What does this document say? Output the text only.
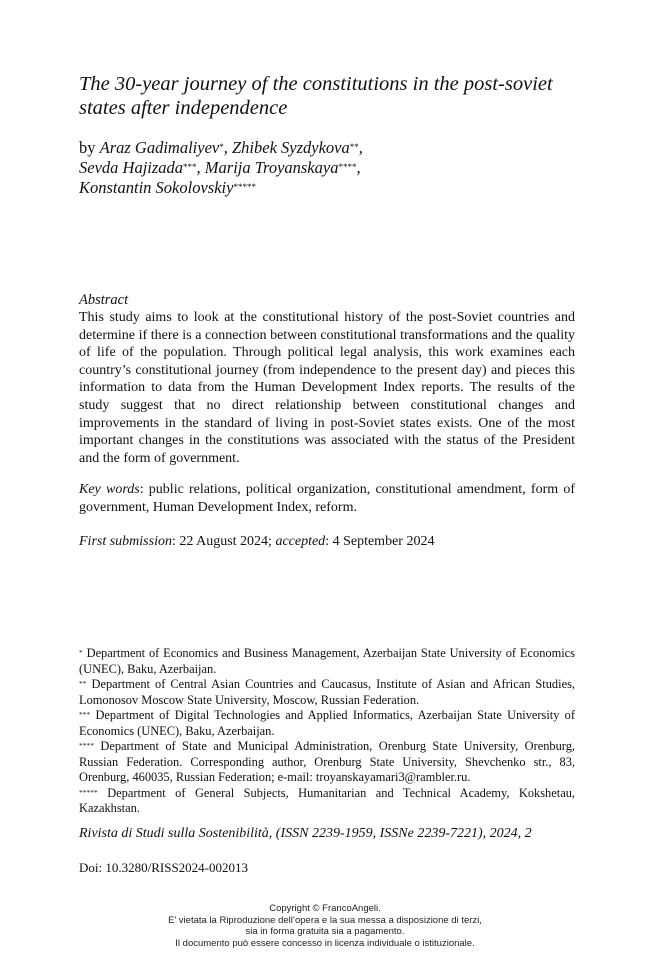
The 30-year journey of the constitutions in the post-soviet states after independence
by Araz Gadimaliyev*, Zhibek Syzdykova**,
Sevda Hajizada***, Marija Troyanskaya****,
Konstantin Sokolovskiy*****
Abstract
This study aims to look at the constitutional history of the post-Soviet countries and determine if there is a connection between constitutional transformations and the quality of life of the population. Through political legal analysis, this work examines each country’s constitutional journey (from independence to the present day) and pieces this information to data from the Human Development Index reports. The results of the study suggest that no direct relationship between constitutional changes and improvements in the standard of living in post-Soviet states exists. One of the most important changes in the constitutions was associated with the status of the President and the form of government.
Key words: public relations, political organization, constitutional amendment, form of government, Human Development Index, reform.
First submission: 22 August 2024; accepted: 4 September 2024
* Department of Economics and Business Management, Azerbaijan State University of Economics (UNEC), Baku, Azerbaijan.
** Department of Central Asian Countries and Caucasus, Institute of Asian and African Studies, Lomonosov Moscow State University, Moscow, Russian Federation.
*** Department of Digital Technologies and Applied Informatics, Azerbaijan State University of Economics (UNEC), Baku, Azerbaijan.
**** Department of State and Municipal Administration, Orenburg State University, Orenburg, Russian Federation. Corresponding author, Orenburg State University, Shevchenko str., 83, Orenburg, 460035, Russian Federation; e-mail: troyanskayamari3@rambler.ru.
***** Department of General Subjects, Humanitarian and Technical Academy, Kokshetau, Kazakhstan.
Rivista di Studi sulla Sostenibilità, (ISSN 2239-1959, ISSNe 2239-7221), 2024, 2
Doi: 10.3280/RISS2024-002013
Copyright © FrancoAngeli.
E’ vietata la Riproduzione dell’opera e la sua messa a disposizione di terzi,
sia in forma gratuita sia a pagamento.
Il documento può essere concesso in licenza individuale o istituzionale.
